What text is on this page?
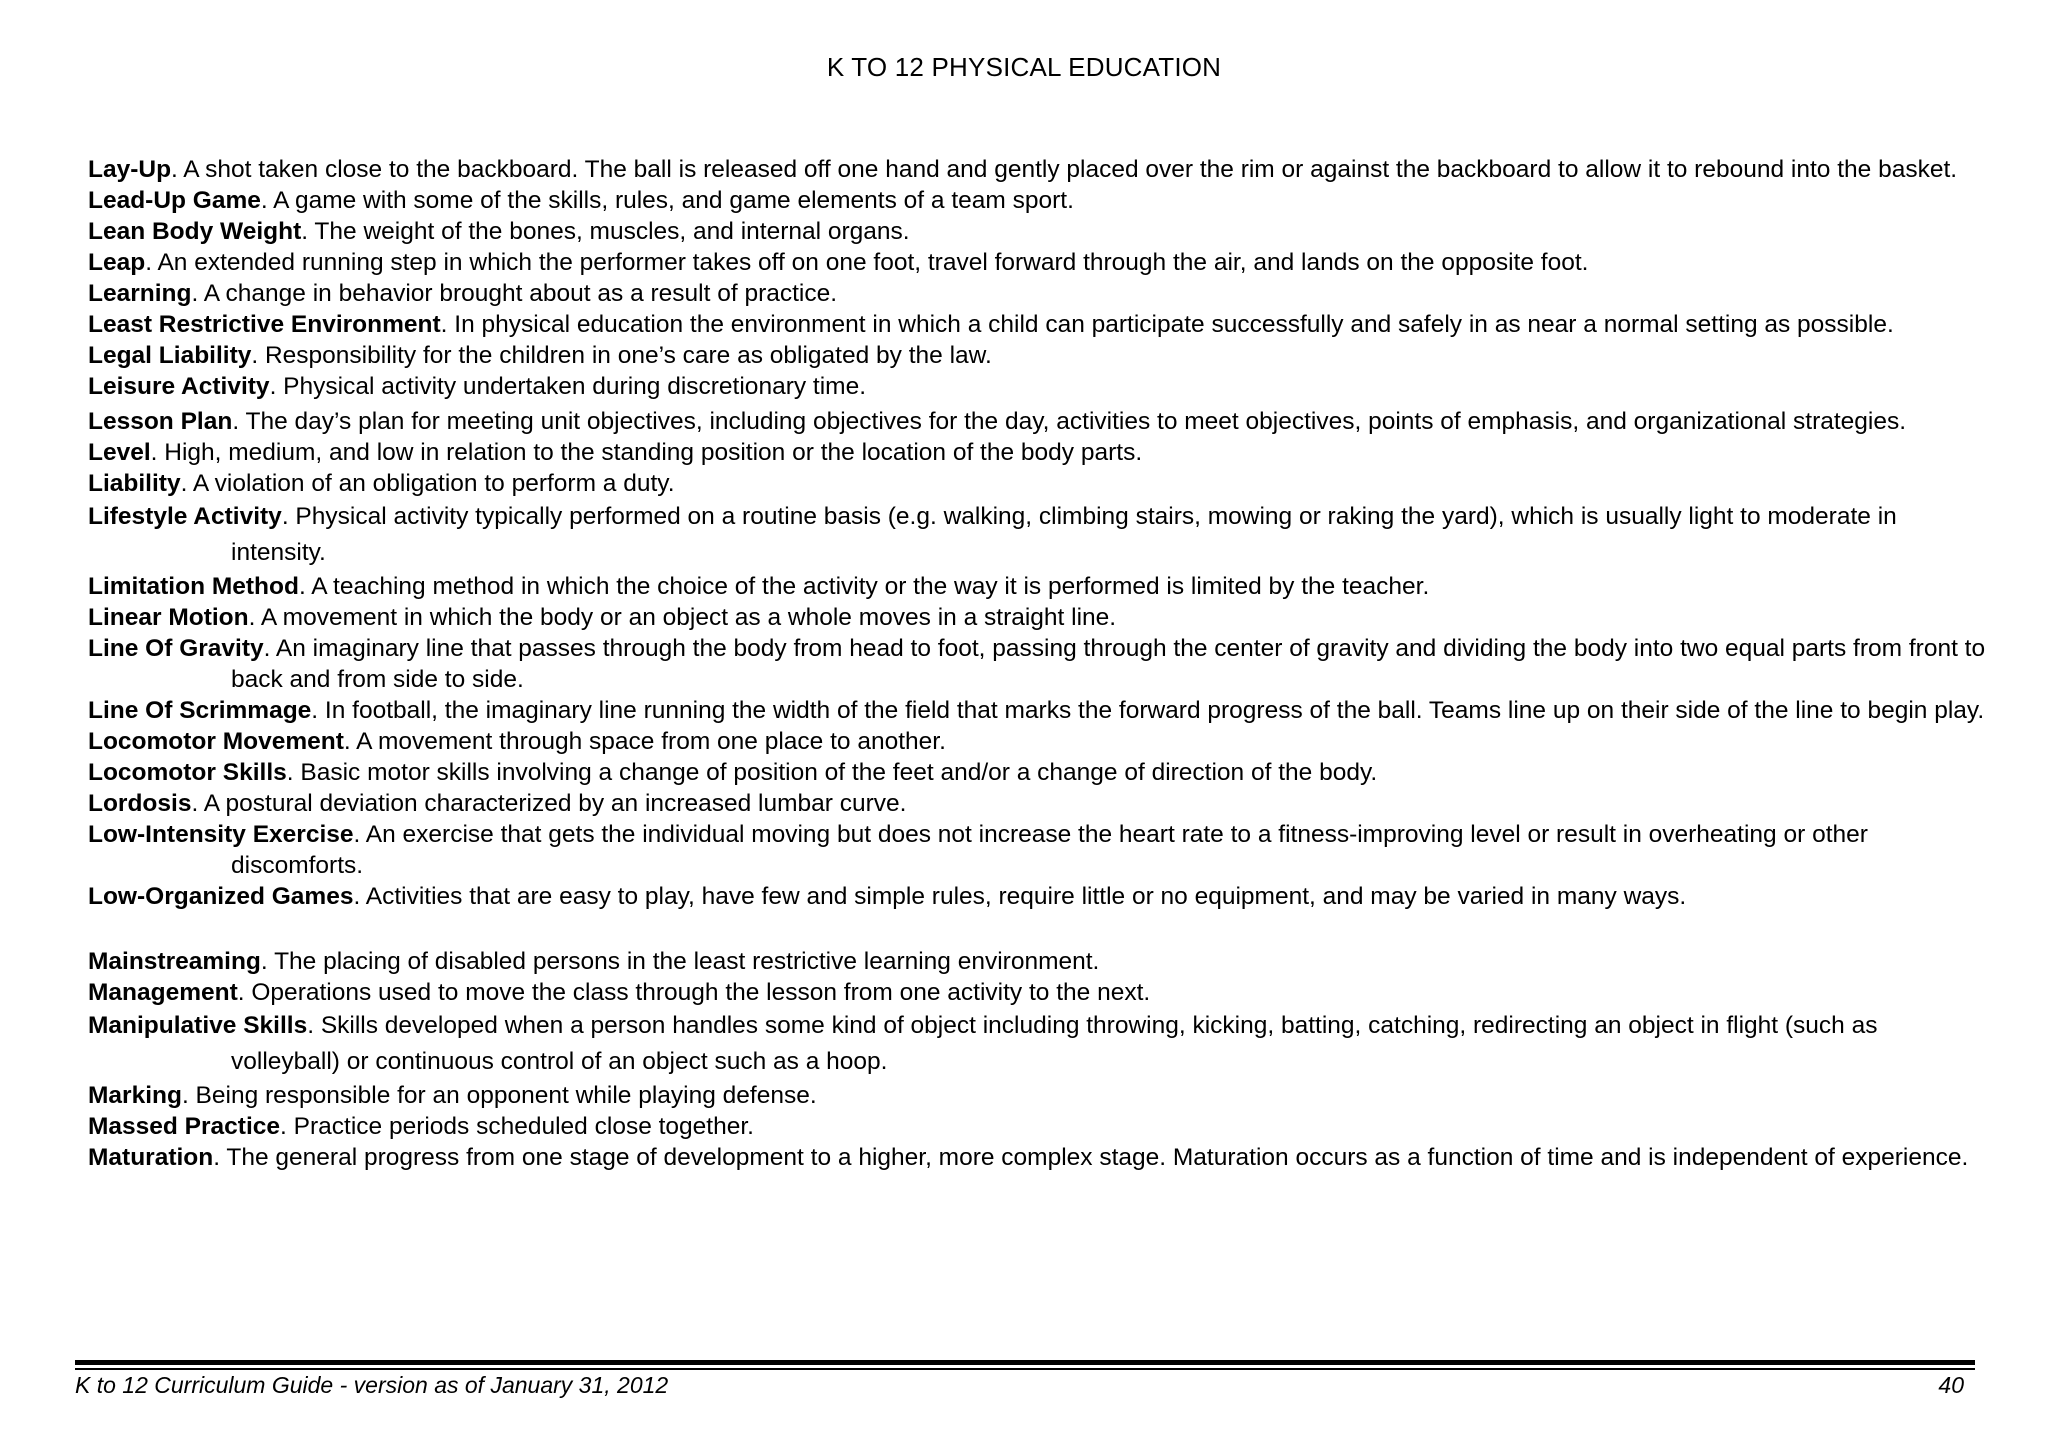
K TO 12 PHYSICAL EDUCATION

Lay-Up. A shot taken close to the backboard. The ball is released off one hand and gently placed over the rim or against the backboard to allow it to rebound into the basket.

Lead-Up Game. A game with some of the skills, rules, and game elements of a team sport.

Lean Body Weight. The weight of the bones, muscles, and internal organs.

Leap. An extended running step in which the performer takes off on one foot, travel forward through the air, and lands on the opposite foot.

Learning. A change in behavior brought about as a result of practice.

Least Restrictive Environment. In physical education the environment in which a child can participate successfully and safely in as near a normal setting as possible.

Legal Liability. Responsibility for the children in one’s care as obligated by the law.

Leisure Activity. Physical activity undertaken during discretionary time.

Lesson Plan. The day’s plan for meeting unit objectives, including objectives for the day, activities to meet objectives, points of emphasis, and organizational strategies.

Level. High, medium, and low in relation to the standing position or the location of the body parts.

Liability. A violation of an obligation to perform a duty.

Lifestyle Activity. Physical activity typically performed on a routine basis (e.g. walking, climbing stairs, mowing or raking the yard), which is usually light to moderate in intensity.

Limitation Method. A teaching method in which the choice of the activity or the way it is performed is limited by the teacher.

Linear Motion. A movement in which the body or an object as a whole moves in a straight line.

Line Of Gravity. An imaginary line that passes through the body from head to foot, passing through the center of gravity and dividing the body into two equal parts from front to back and from side to side.

Line Of Scrimmage. In football, the imaginary line running the width of the field that marks the forward progress of the ball. Teams line up on their side of the line to begin play.

Locomotor Movement. A movement through space from one place to another.

Locomotor Skills. Basic motor skills involving a change of position of the feet and/or a change of direction of the body.

Lordosis. A postural deviation characterized by an increased lumbar curve.

Low-Intensity Exercise. An exercise that gets the individual moving but does not increase the heart rate to a fitness-improving level or result in overheating or other discomforts.

Low-Organized Games. Activities that are easy to play, have few and simple rules, require little or no equipment, and may be varied in many ways.

Mainstreaming. The placing of disabled persons in the least restrictive learning environment.

Management. Operations used to move the class through the lesson from one activity to the next.

Manipulative Skills. Skills developed when a person handles some kind of object including throwing, kicking, batting, catching, redirecting an object in flight (such as volleyball) or continuous control of an object such as a hoop.

Marking. Being responsible for an opponent while playing defense.

Massed Practice. Practice periods scheduled close together.

Maturation. The general progress from one stage of development to a higher, more complex stage. Maturation occurs as a function of time and is independent of experience.

K to 12 Curriculum Guide - version as of January 31, 2012	40
